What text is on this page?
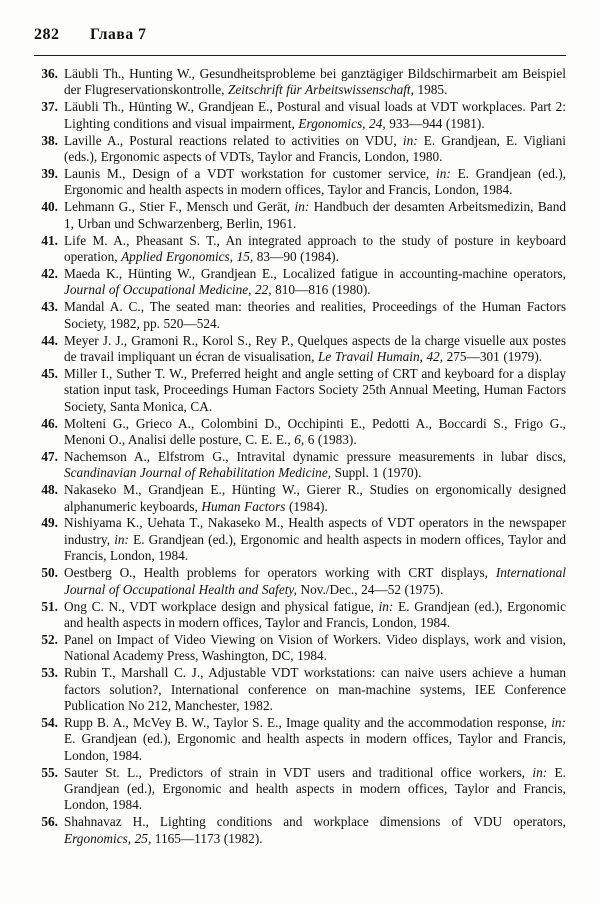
282	Глава 7
36. Läubli Th., Hunting W., Gesundheitsprobleme bei ganztägiger Bildschirmarbeit am Beispiel der Flugreservationskontrolle, Zeitschrift für Arbeitswissenschaft, 1985.
37. Läubli Th., Hünting W., Grandjean E., Postural and visual loads at VDT workplaces. Part 2: Lighting conditions and visual impairment, Ergonomics, 24, 933—944 (1981).
38. Laville A., Postural reactions related to activities on VDU, in: E. Grandjean, E. Vigliani (eds.), Ergonomic aspects of VDTs, Taylor and Francis, London, 1980.
39. Launis M., Design of a VDT workstation for customer service, in: E. Grandjean (ed.), Ergonomic and health aspects in modern offices, Taylor and Francis, London, 1984.
40. Lehmann G., Stier F., Mensch und Gerät, in: Handbuch der desamten Arbeitsmedizin, Band 1, Urban und Schwarzenberg, Berlin, 1961.
41. Life M. A., Pheasant S. T., An integrated approach to the study of posture in keyboard operation, Applied Ergonomics, 15, 83—90 (1984).
42. Maeda K., Hünting W., Grandjean E., Localized fatigue in accounting-machine operators, Journal of Occupational Medicine, 22, 810—816 (1980).
43. Mandal A. C., The seated man: theories and realities, Proceedings of the Human Factors Society, 1982, pp. 520—524.
44. Meyer J. J., Gramoni R., Korol S., Rey P., Quelques aspects de la charge visuelle aux postes de travail impliquant un écran de visualisation, Le Travail Humain, 42, 275—301 (1979).
45. Miller I., Suther T. W., Preferred height and angle setting of CRT and keyboard for a display station input task, Proceedings Human Factors Society 25th Annual Meeting, Human Factors Society, Santa Monica, CA.
46. Molteni G., Grieco A., Colombini D., Occhipinti E., Pedotti A., Boccardi S., Frigo G., Menoni O., Analisi delle posture, C. E. E., 6, 6 (1983).
47. Nachemson A., Elfstrom G., Intravital dynamic pressure measurements in lubar discs, Scandinavian Journal of Rehabilitation Medicine, Suppl. 1 (1970).
48. Nakaseko M., Grandjean E., Hünting W., Gierer R., Studies on ergonomically designed alphanumeric keyboards, Human Factors (1984).
49. Nishiyama K., Uehata T., Nakaseko M., Health aspects of VDT operators in the newspaper industry, in: E. Grandjean (ed.), Ergonomic and health aspects in modern offices, Taylor and Francis, London, 1984.
50. Oestberg O., Health problems for operators working with CRT displays, International Journal of Occupational Health and Safety, Nov./Dec., 24—52 (1975).
51. Ong C. N., VDT workplace design and physical fatigue, in: E. Grandjean (ed.), Ergonomic and health aspects in modern offices, Taylor and Francis, London, 1984.
52. Panel on Impact of Video Viewing on Vision of Workers. Video displays, work and vision, National Academy Press, Washington, DC, 1984.
53. Rubin T., Marshall C. J., Adjustable VDT workstations: can naive users achieve a human factors solution?, International conference on man-machine systems, IEE Conference Publication No 212, Manchester, 1982.
54. Rupp B. A., McVey B. W., Taylor S. E., Image quality and the accommodation response, in: E. Grandjean (ed.), Ergonomic and health aspects in modern offices, Taylor and Francis, London, 1984.
55. Sauter St. L., Predictors of strain in VDT users and traditional office workers, in: E. Grandjean (ed.), Ergonomic and health aspects in modern offices, Taylor and Francis, London, 1984.
56. Shahnavaz H., Lighting conditions and workplace dimensions of VDU operators, Ergonomics, 25, 1165—1173 (1982).
